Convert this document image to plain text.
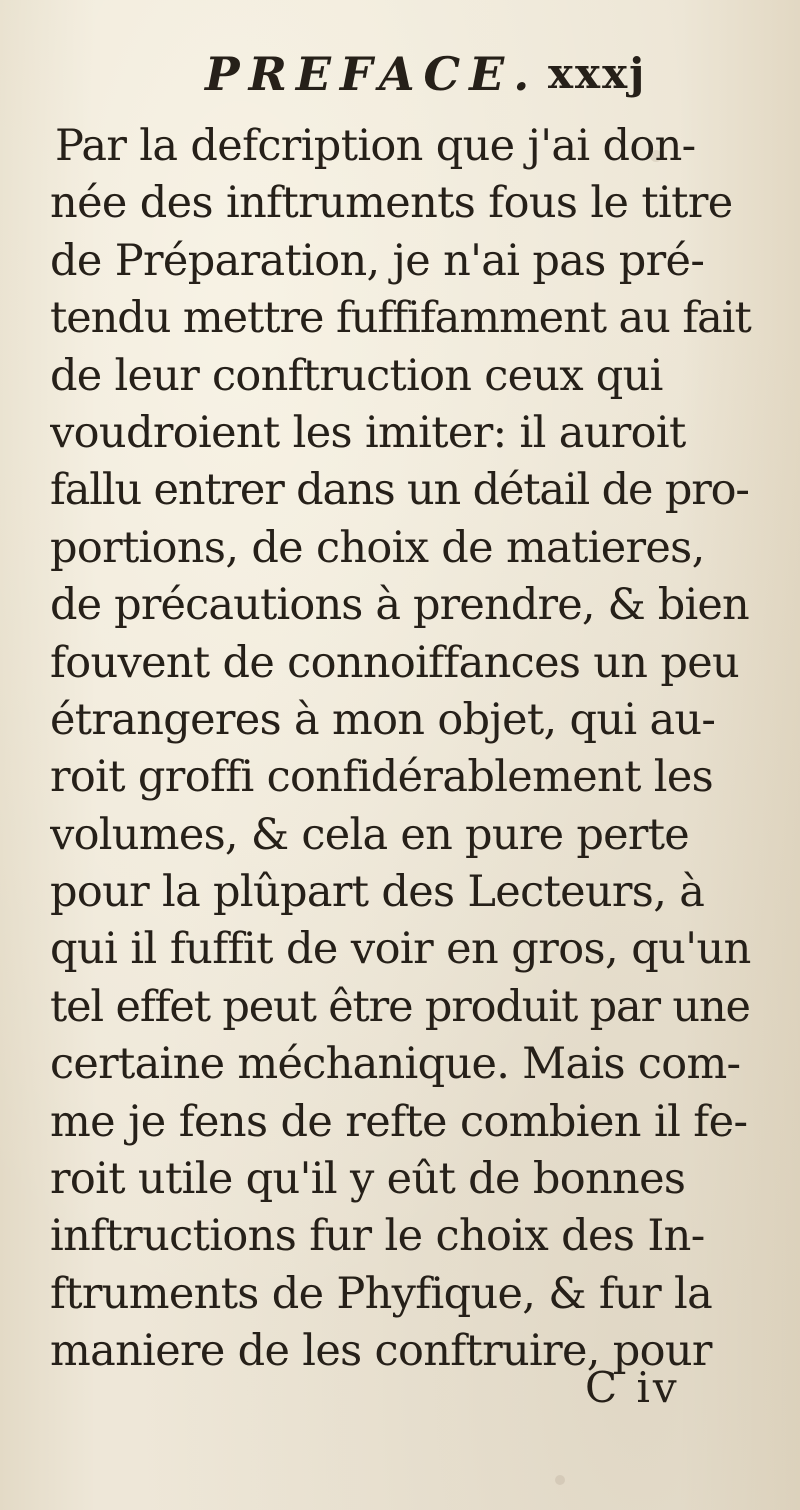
PREFACE. xxxj
Par la defcription que j'ai don-
née des inftruments fous le titre
de Préparation, je n'ai pas pré-
tendu mettre fuffifamment au fait
de leur conftruction ceux qui
voudroient les imiter: il auroit
fallu entrer dans un détail de pro-
portions, de choix de matieres,
de précautions à prendre, & bien
fouvent de connoiffances un peu
étrangeres à mon objet, qui au-
roit groffi confidérablement les
volumes, & cela en pure perte
pour la plûpart des Lecteurs, à
qui il fuffit de voir en gros, qu'un
tel effet peut être produit par une
certaine méchanique. Mais com-
me je fens de refte combien il fe-
roit utile qu'il y eût de bonnes
inftructions fur le choix des In-
ftruments de Phyfique, & fur la
maniere de les conftruire, pour
C iv
